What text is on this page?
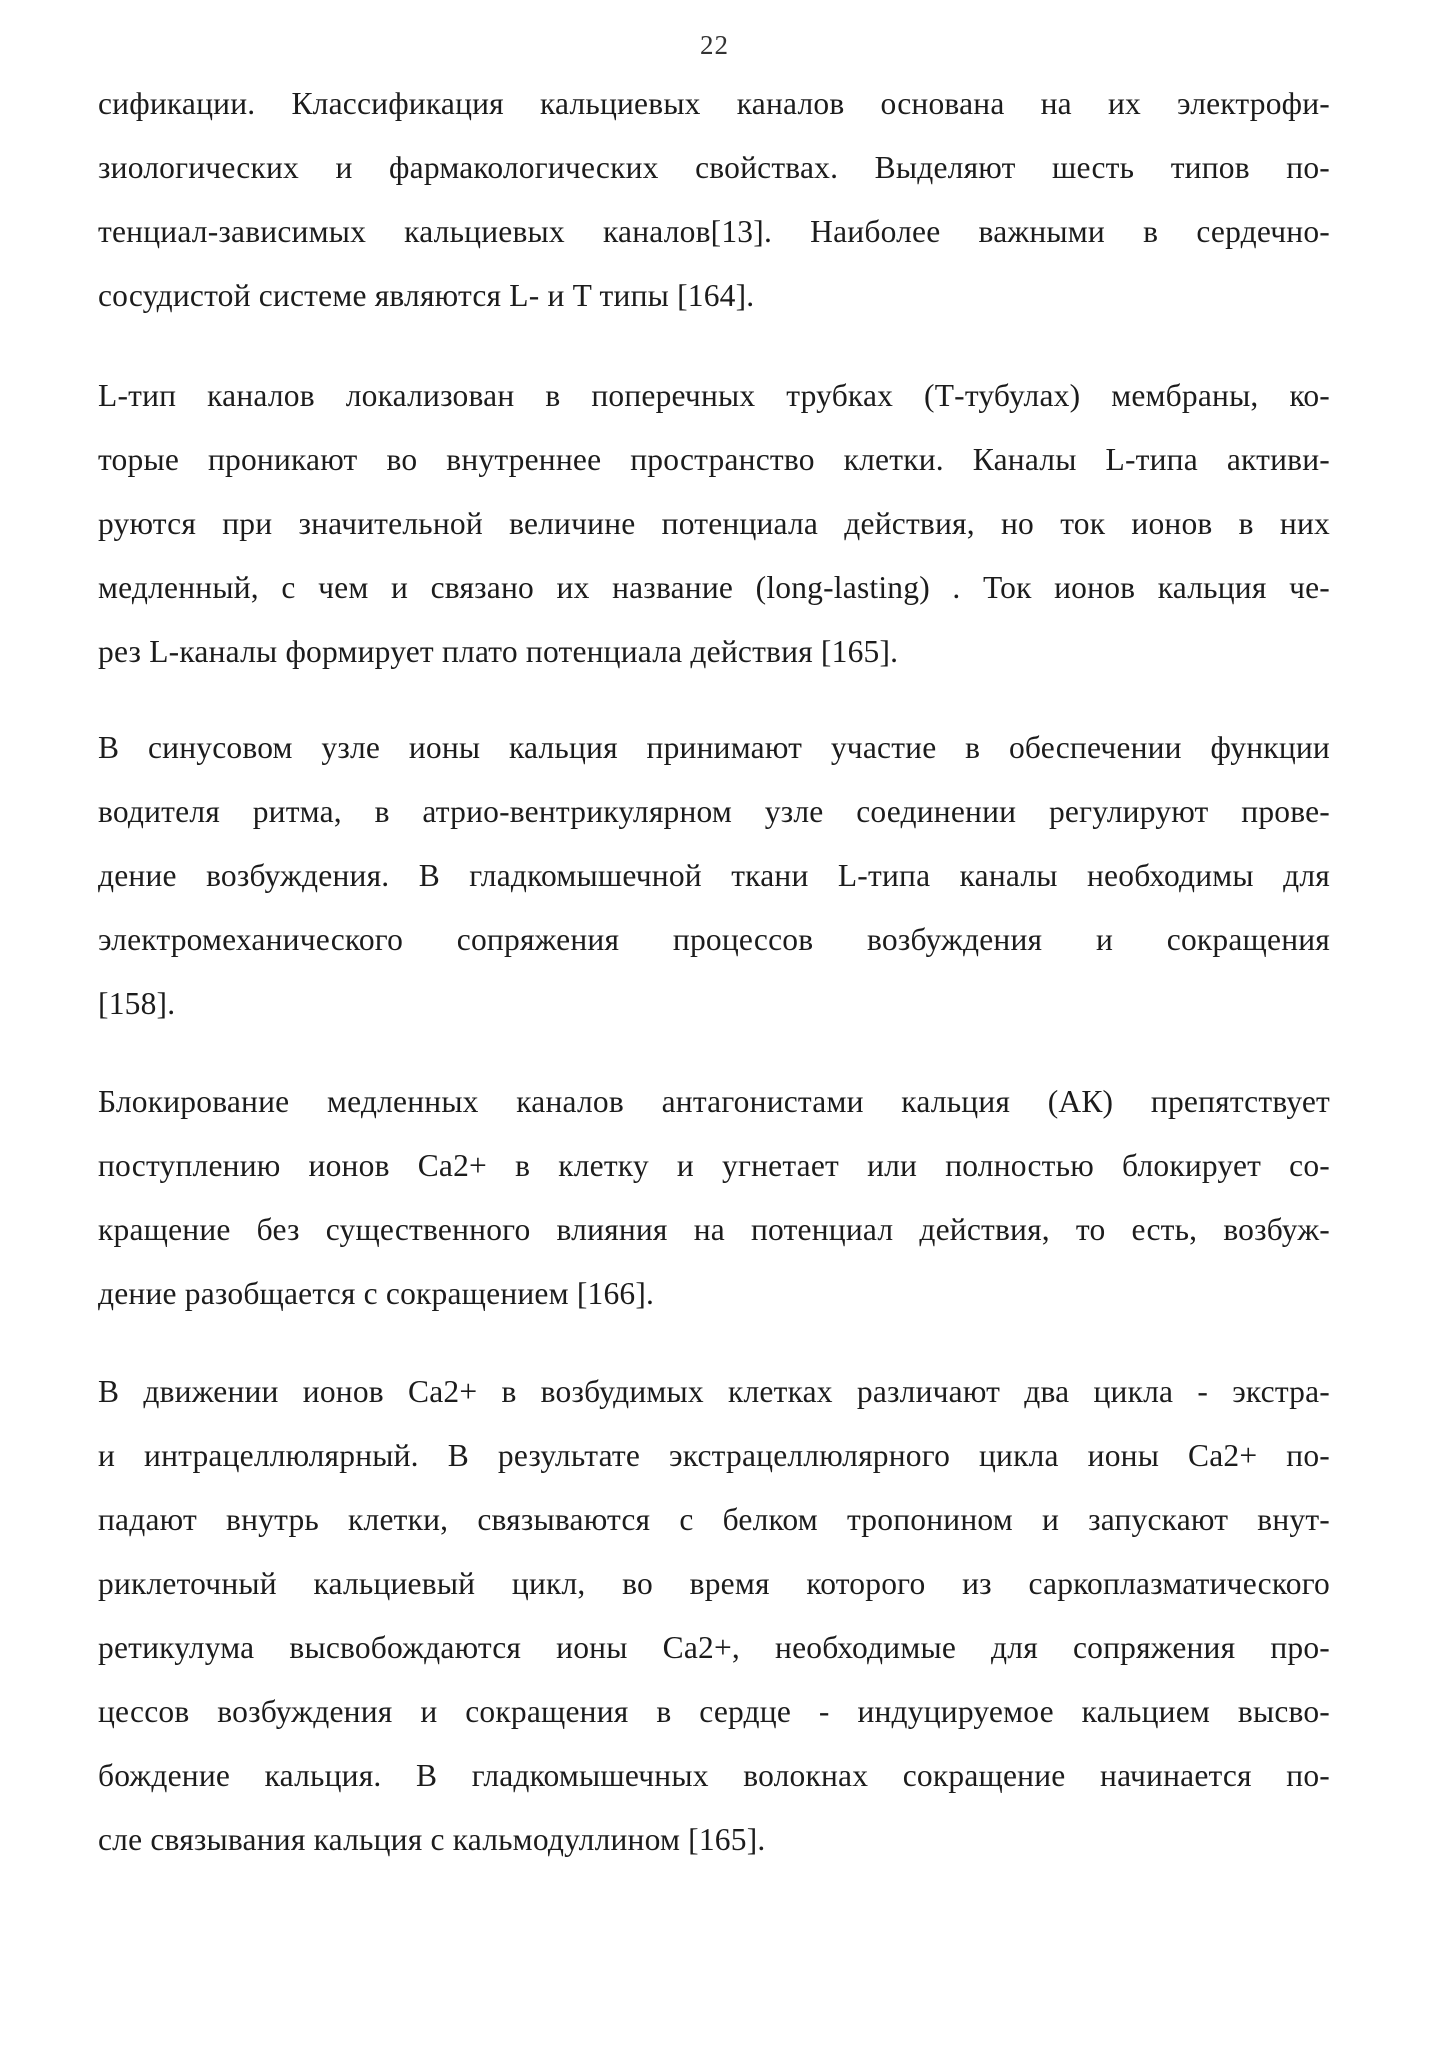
22
сификации. Классификация кальциевых каналов основана на их электрофи-
зиологических и фармакологических свойствах. Выделяют шесть типов по-
тенциал-зависимых кальциевых каналов[13]. Наиболее важными в сердечно-
сосудистой системе являются L- и T типы [164].
L-тип каналов локализован в поперечных трубках (Т-тубулах) мембраны, ко-
торые проникают во внутреннее пространство клетки. Каналы L-типа активи-
руются при значительной величине потенциала действия, но ток ионов в них
медленный, с чем и связано их название (long-lasting) . Ток ионов кальция че-
рез L-каналы формирует плато потенциала действия [165].
В синусовом узле ионы кальция принимают участие в обеспечении функции
водителя ритма, в атрио-вентрикулярном узле соединении регулируют прове-
дение возбуждения. В гладкомышечной ткани L-типа каналы необходимы для
электромеханического сопряжения процессов возбуждения и сокращения
[158].
Блокирование медленных каналов антагонистами кальция (АК) препятствует
поступлению ионов Са2+ в клетку и угнетает или полностью блокирует со-
кращение без существенного влияния на потенциал действия, то есть, возбуж-
дение разобщается с сокращением [166].
В движении ионов Са2+ в возбудимых клетках различают два цикла - экстра-
и интрацеллюлярный. В результате экстрацеллюлярного цикла ионы Са2+ по-
падают внутрь клетки, связываются с белком тропонином и запускают внут-
риклеточный кальциевый цикл, во время которого из саркоплазматического
ретикулума высвобождаются ионы Са2+, необходимые для сопряжения про-
цессов возбуждения и сокращения в сердце - индуцируемое кальцием высво-
бождение кальция. В гладкомышечных волокнах сокращение начинается по-
сле связывания кальция с кальмодуллином [165].
